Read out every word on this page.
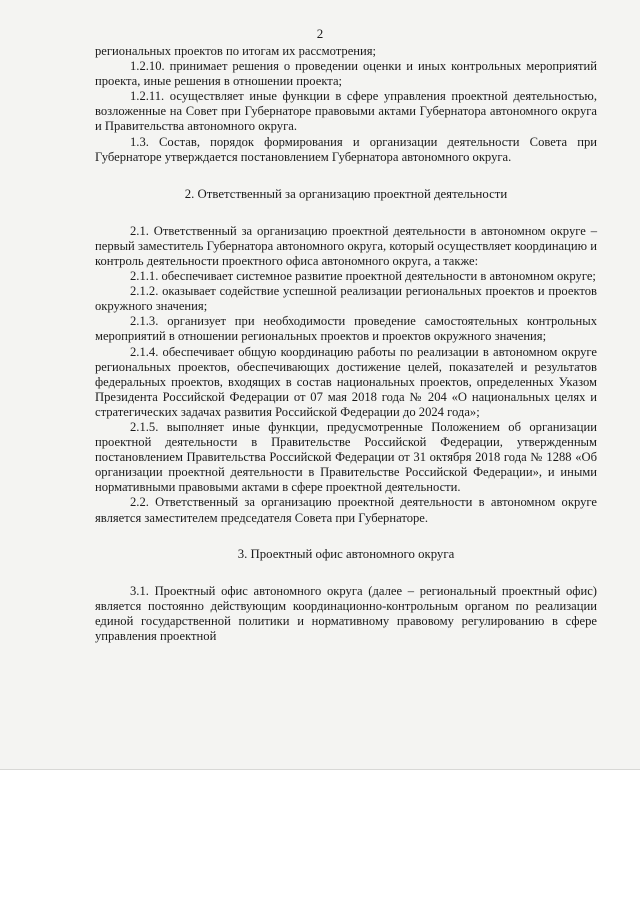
2

региональных проектов по итогам их рассмотрения;

1.2.10. принимает решения о проведении оценки и иных контрольных мероприятий проекта, иные решения в отношении проекта;

1.2.11. осуществляет иные функции в сфере управления проектной деятельностью, возложенные на Совет при Губернаторе правовыми актами Губернатора автономного округа и Правительства автономного округа.

1.3. Состав, порядок формирования и организации деятельности Совета при Губернаторе утверждается постановлением Губернатора автономного округа.

2. Ответственный за организацию проектной деятельности

2.1. Ответственный за организацию проектной деятельности в автономном округе – первый заместитель Губернатора автономного округа, который осуществляет координацию и контроль деятельности проектного офиса автономного округа, а также:

2.1.1. обеспечивает системное развитие проектной деятельности в автономном округе;

2.1.2. оказывает содействие успешной реализации региональных проектов и проектов окружного значения;

2.1.3. организует при необходимости проведение самостоятельных контрольных мероприятий в отношении региональных проектов и проектов окружного значения;

2.1.4. обеспечивает общую координацию работы по реализации в автономном округе региональных проектов, обеспечивающих достижение целей, показателей и результатов федеральных проектов, входящих в состав национальных проектов, определенных Указом Президента Российской Федерации от 07 мая 2018 года № 204 «О национальных целях и стратегических задачах развития Российской Федерации до 2024 года»;

2.1.5. выполняет иные функции, предусмотренные Положением об организации проектной деятельности в Правительстве Российской Федерации, утвержденным постановлением Правительства Российской Федерации от 31 октября 2018 года № 1288 «Об организации проектной деятельности в Правительстве Российской Федерации», и иными нормативными правовыми актами в сфере проектной деятельности.

2.2. Ответственный за организацию проектной деятельности в автономном округе является заместителем председателя Совета при Губернаторе.

3. Проектный офис автономного округа

3.1. Проектный офис автономного округа (далее – региональный проектный офис) является постоянно действующим координационно-контрольным органом по реализации единой государственной политики и нормативному правовому регулированию в сфере управления проектной
